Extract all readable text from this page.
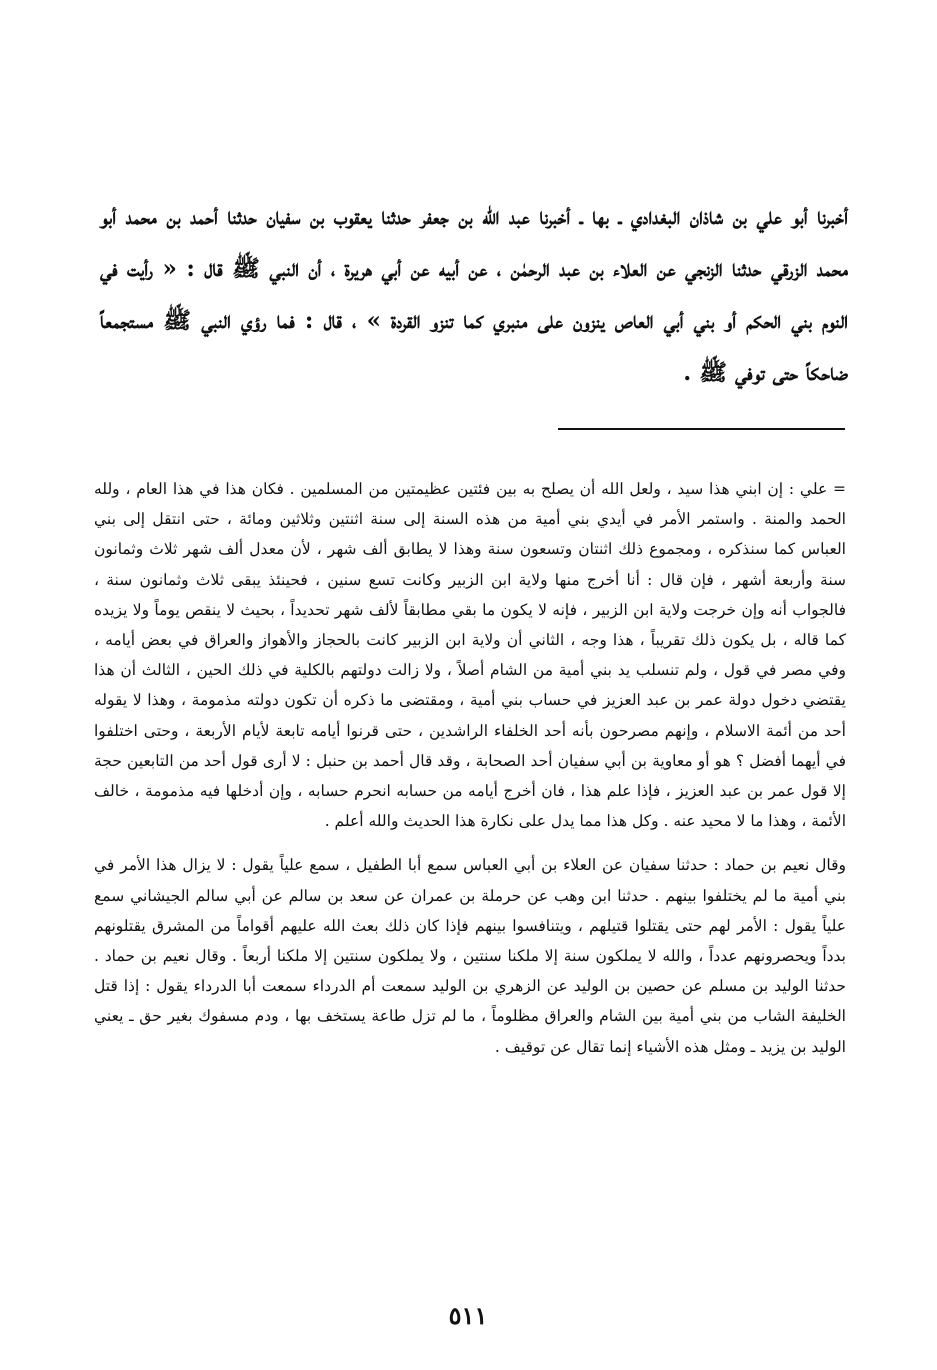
أخبرنا أبو علي بن شاذان البغدادي ـ بها ـ أخبرنا عبد الله بن جعفر حدثنا يعقوب بن سفيان حدثنا أحمد بن محمد أبو محمد الزرقي حدثنا الزنجي عن العلاء بن عبد الرحمٰن ، عن أبيه عن أبي هريرة ، أن النبي ﷺ قال : « رأيت في النوم بني الحكم أو بني أبي العاص ينزون على منبري كما تنزو القردة » ، قال : فما رؤي النبي ﷺ مستجمعاً ضاحكاً حتى توفي ﷺ .

= علي : إن ابني هذا سيد ، ولعل الله أن يصلح به بين فئتين عظيمتين من المسلمين . فكان هذا في هذا العام ، ولله الحمد والمنة . واستمر الأمر في أيدي بني أمية من هذه السنة إلى سنة اثنتين وثلاثين ومائة ، حتى انتقل إلى بني العباس كما سنذكره ، ومجموع ذلك اثنتان وتسعون سنة وهذا لا يطابق ألف شهر ، لأن معدل ألف شهر ثلاث وثمانون سنة وأربعة أشهر ، فإن قال : أنا أخرج منها ولاية ابن الزبير وكانت تسع سنين ، فحينئذ يبقى ثلاث وثمانون سنة ، فالجواب أنه وإن خرجت ولاية ابن الزبير ، فإنه لا يكون ما بقي مطابقاً لألف شهر تحديداً ، بحيث لا ينقص يوماً ولا يزيده كما قاله ، بل يكون ذلك تقريباً ، هذا وجه ، الثاني أن ولاية ابن الزبير كانت بالحجاز والأهواز والعراق في بعض أيامه ، وفي مصر في قول ، ولم تنسلب يد بني أمية من الشام أصلاً ، ولا زالت دولتهم بالكلية في ذلك الحين ، الثالث أن هذا يقتضي دخول دولة عمر بن عبد العزيز في حساب بني أمية ، ومقتضى ما ذكره أن تكون دولته مذمومة ، وهذا لا يقوله أحد من أئمة الاسلام ، وإنهم مصرحون بأنه أحد الخلفاء الراشدين ، حتى قرنوا أيامه تابعة لأيام الأربعة ، وحتى اختلفوا في أيهما أفضل ؟ هو أو معاوية بن أبي سفيان أحد الصحابة ، وقد قال أحمد بن حنبل : لا أرى قول أحد من التابعين حجة إلا قول عمر بن عبد العزيز ، فإذا علم هذا ، فان أخرج أيامه من حسابه انحرم حسابه ، وإن أدخلها فيه مذمومة ، خالف الأئمة ، وهذا ما لا محيد عنه . وكل هذا مما يدل على نكارة هذا الحديث والله أعلم .

وقال نعيم بن حماد : حدثنا سفيان عن العلاء بن أبي العباس سمع أبا الطفيل ، سمع علياً يقول : لا يزال هذا الأمر في بني أمية ما لم يختلفوا بينهم . حدثنا ابن وهب عن حرملة بن عمران عن سعد بن سالم عن أبي سالم الجيشاني سمع علياً يقول : الأمر لهم حتى يقتلوا قتيلهم ، ويتنافسوا بينهم فإذا كان ذلك بعث الله عليهم أقواماً من المشرق يقتلونهم بدداً ويحصرونهم عدداً ، والله لا يملكون سنة إلا ملكنا سنتين ، ولا يملكون سنتين إلا ملكنا أربعاً . وقال نعيم بن حماد . حدثنا الوليد بن مسلم عن حصين بن الوليد عن الزهري بن الوليد سمعت أم الدرداء سمعت أبا الدرداء يقول : إذا قتل الخليفة الشاب من بني أمية بين الشام والعراق مظلوماً ، ما لم تزل طاعة يستخف بها ، ودم مسفوك بغير حق ـ يعني الوليد بن يزيد ـ ومثل هذه الأشياء إنما تقال عن توقيف .

٥١١
